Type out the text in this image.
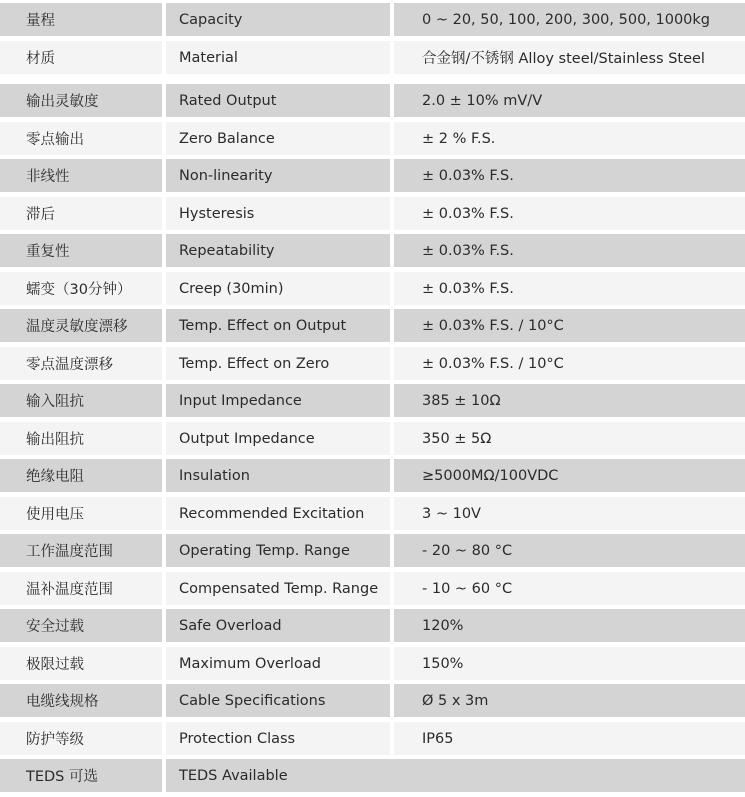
量程	Capacity	0 ~ 20, 50, 100, 200, 300, 500, 1000kg
材质	Material	合金钢/不锈钢 Alloy steel/Stainless Steel
输出灵敏度	Rated Output	2.0 ± 10% mV/V
零点输出	Zero Balance	± 2 % F.S.
非线性	Non-linearity	± 0.03% F.S.
滞后	Hysteresis	± 0.03% F.S.
重复性	Repeatability	± 0.03% F.S.
蠕变（30分钟）	Creep (30min)	± 0.03% F.S.
温度灵敏度漂移	Temp. Effect on Output	± 0.03% F.S. / 10°C
零点温度漂移	Temp. Effect on Zero	± 0.03% F.S. / 10°C
输入阻抗	Input Impedance	385 ± 10Ω
输出阻抗	Output Impedance	350 ± 5Ω
绝缘电阻	Insulation	≥5000MΩ/100VDC
使用电压	Recommended Excitation	3 ~ 10V
工作温度范围	Operating Temp. Range	- 20 ~ 80 °C
温补温度范围	Compensated Temp. Range	- 10 ~ 60 °C
安全过载	Safe Overload	120%
极限过载	Maximum Overload	150%
电缆线规格	Cable Specifications	Ø 5 x 3m
防护等级	Protection Class	IP65
TEDS 可选	TEDS Available
